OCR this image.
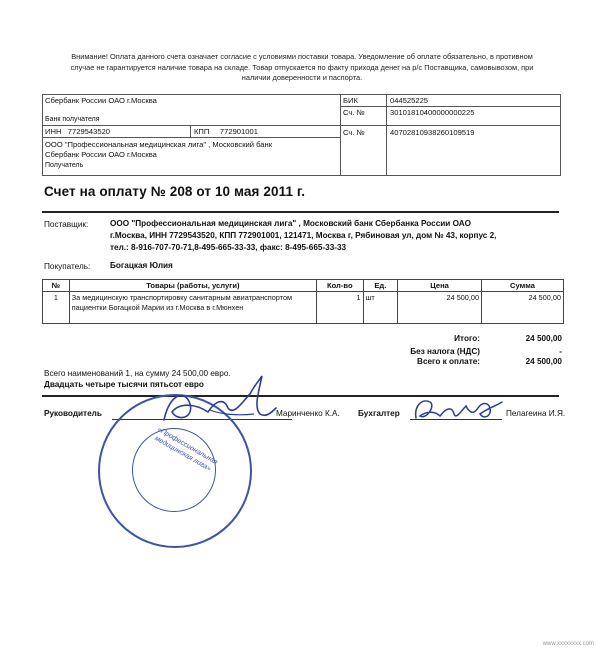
Внимание! Оплата данного счета означает согласие с условиями поставки товара. Уведомление об оплате обязательно, в противном случае не гарантируется наличие товара на складе. Товар отпускается по факту прихода денег на р/с Поставщика, самовывозом, при наличии доверенности и паспорта.
Сбербанк России ОАО г.Москва
Банк получателя
ИНН 7729543520	КПП 772901001
ООО "Профессиональная медицинская лига" , Московский банк
Сбербанк России ОАО г.Москва
Получатель
БИК	044525225
Сч. №	30101810400000000225
Сч. №	40702810938260109519
Счет на оплату № 208 от 10 мая 2011 г.
Поставщик:	ООО "Профессиональная медицинская лига" , Московский банк Сбербанка России ОАО
г.Москва, ИНН 7729543520, КПП 772901001, 121471, Москва г, Рябиновая ул, дом № 43, корпус 2,
тел.: 8-916-707-70-71,8-495-665-33-33, факс: 8-495-665-33-33
Покупатель: Богацкая Юлия
№	Товары (работы, услуги)	Кол-во	Ед.	Цена	Сумма
1	За медицинскую транспортировку санитарным авиатранспортом пациентки Богацкой Марии из г.Москва в г.Мюнхен	1	шт	24 500,00	24 500,00
Итого:	24 500,00
Без налога (НДС)	-
Всего к оплате:	24 500,00
Всего наименований 1, на сумму 24 500,00 евро.
Двадцать четыре тысячи пятьсот евро
Руководитель	Маринченко К.А. Бухгалтер	Пелагеина И.Я.
«Профессиональная медицинская лига»
www.xxxxxxxx.com
